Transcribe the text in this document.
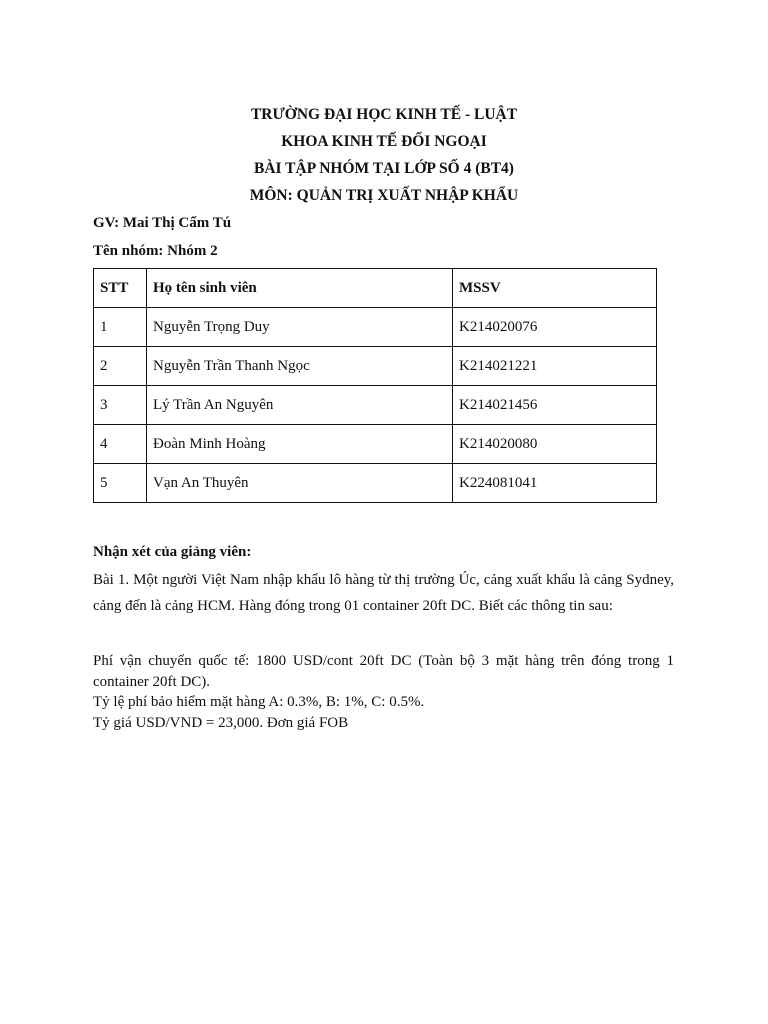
TRƯỜNG ĐẠI HỌC KINH TẾ - LUẬT
KHOA KINH TẾ ĐỐI NGOẠI
BÀI TẬP NHÓM TẠI LỚP SỐ 4 (BT4)
MÔN: QUẢN TRỊ XUẤT NHẬP KHẨU
GV: Mai Thị Cẩm Tú
Tên nhóm: Nhóm 2
STT	Họ tên sinh viên	MSSV
1	Nguyễn Trọng Duy	K214020076
2	Nguyễn Trần Thanh Ngọc	K214021221
3	Lý Trần An Nguyên	K214021456
4	Đoàn Minh Hoàng	K214020080
5	Vạn An Thuyên	K224081041
Nhận xét của giảng viên:
Bài 1. Một người Việt Nam nhập khẩu lô hàng từ thị trường Úc, cảng xuất khẩu là cảng Sydney, cảng đến là cảng HCM. Hàng đóng trong 01 container 20ft DC. Biết các thông tin sau:
Phí vận chuyển quốc tế: 1800 USD/cont 20ft DC (Toàn bộ 3 mặt hàng trên đóng trong 1 container 20ft DC).
Tỷ lệ phí bảo hiểm mặt hàng A: 0.3%, B: 1%, C: 0.5%.
Tỷ giá USD/VND = 23,000. Đơn giá FOB
